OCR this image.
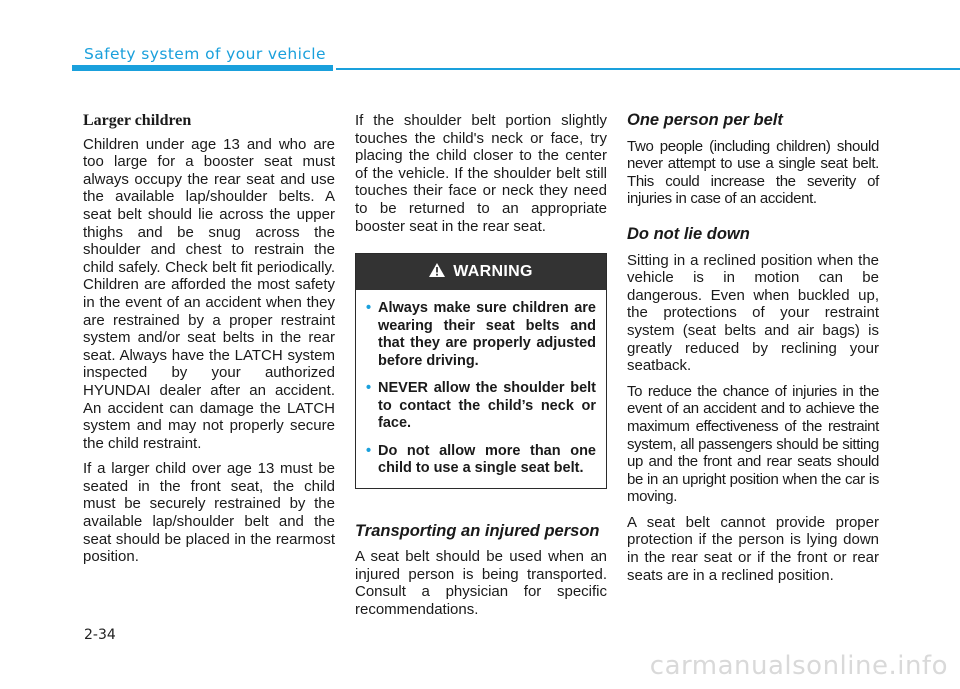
Safety system of your vehicle
Larger children

Children under age 13 and who are too large for a booster seat must always occupy the rear seat and use the available lap/shoulder belts. A seat belt should lie across the upper thighs and be snug across the shoulder and chest to restrain the child safely. Check belt fit periodically. Children are afforded the most safety in the event of an accident when they are restrained by a proper restraint system and/or seat belts in the rear seat. Always have the LATCH system inspected by your authorized HYUNDAI dealer after an accident. An accident can damage the LATCH system and may not properly secure the child restraint.

If a larger child over age 13 must be seated in the front seat, the child must be securely restrained by the available lap/shoulder belt and the seat should be placed in the rearmost position.

If the shoulder belt portion slightly touches the child's neck or face, try placing the child closer to the center of the vehicle. If the shoulder belt still touches their face or neck they need to be returned to an appropriate booster seat in the rear seat.

WARNING
• Always make sure children are wearing their seat belts and that they are properly adjusted before driving.
• NEVER allow the shoulder belt to contact the child’s neck or face.
• Do not allow more than one child to use a single seat belt.
Transporting an injured person

A seat belt should be used when an injured person is being transported. Consult a physician for specific recommendations.

One person per belt

Two people (including children) should never attempt to use a single seat belt. This could increase the severity of injuries in case of an accident.

Do not lie down

Sitting in a reclined position when the vehicle is in motion can be dangerous. Even when buckled up, the protections of your restraint system (seat belts and air bags) is greatly reduced by reclining your seatback.

To reduce the chance of injuries in the event of an accident and to achieve the maximum effectiveness of the restraint system, all passengers should be sitting up and the front and rear seats should be in an upright position when the car is moving.

A seat belt cannot provide proper protection if the person is lying down in the rear seat or if the front or rear seats are in a reclined position.

2-34
carmanualsonline.info
